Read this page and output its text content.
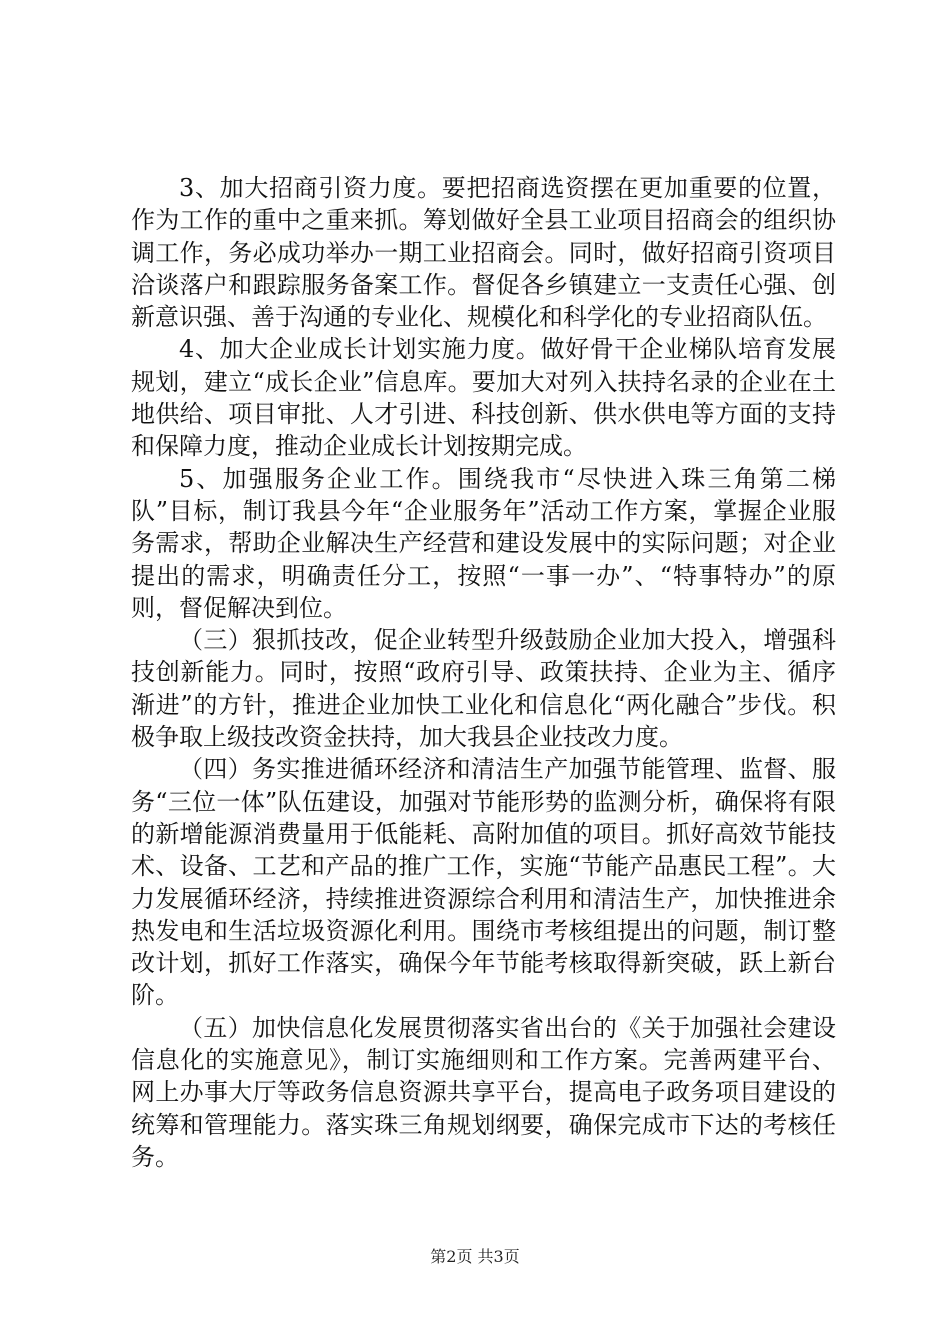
3、加大招商引资力度。要把招商选资摆在更加重要的位置，作为工作的重中之重来抓。筹划做好全县工业项目招商会的组织协调工作，务必成功举办一期工业招商会。同时，做好招商引资项目洽谈落户和跟踪服务备案工作。督促各乡镇建立一支责任心强、创新意识强、善于沟通的专业化、规模化和科学化的专业招商队伍。

4、加大企业成长计划实施力度。做好骨干企业梯队培育发展规划，建立“成长企业”信息库。要加大对列入扶持名录的企业在土地供给、项目审批、人才引进、科技创新、供水供电等方面的支持和保障力度，推动企业成长计划按期完成。

5、加强服务企业工作。围绕我市“尽快进入珠三角第二梯队”目标，制订我县今年“企业服务年”活动工作方案，掌握企业服务需求，帮助企业解决生产经营和建设发展中的实际问题；对企业提出的需求，明确责任分工，按照“一事一办”、“特事特办”的原则，督促解决到位。

（三）狠抓技改，促企业转型升级鼓励企业加大投入，增强科技创新能力。同时，按照“政府引导、政策扶持、企业为主、循序渐进”的方针，推进企业加快工业化和信息化“两化融合”步伐。积极争取上级技改资金扶持，加大我县企业技改力度。

（四）务实推进循环经济和清洁生产加强节能管理、监督、服务“三位一体”队伍建设，加强对节能形势的监测分析，确保将有限的新增能源消费量用于低能耗、高附加值的项目。抓好高效节能技术、设备、工艺和产品的推广工作，实施“节能产品惠民工程”。大力发展循环经济，持续推进资源综合利用和清洁生产，加快推进余热发电和生活垃圾资源化利用。围绕市考核组提出的问题，制订整改计划，抓好工作落实，确保今年节能考核取得新突破，跃上新台阶。

（五）加快信息化发展贯彻落实省出台的《关于加强社会建设信息化的实施意见》，制订实施细则和工作方案。完善两建平台、网上办事大厅等政务信息资源共享平台，提高电子政务项目建设的统筹和管理能力。落实珠三角规划纲要，确保完成市下达的考核任务。

第2页 共3页
